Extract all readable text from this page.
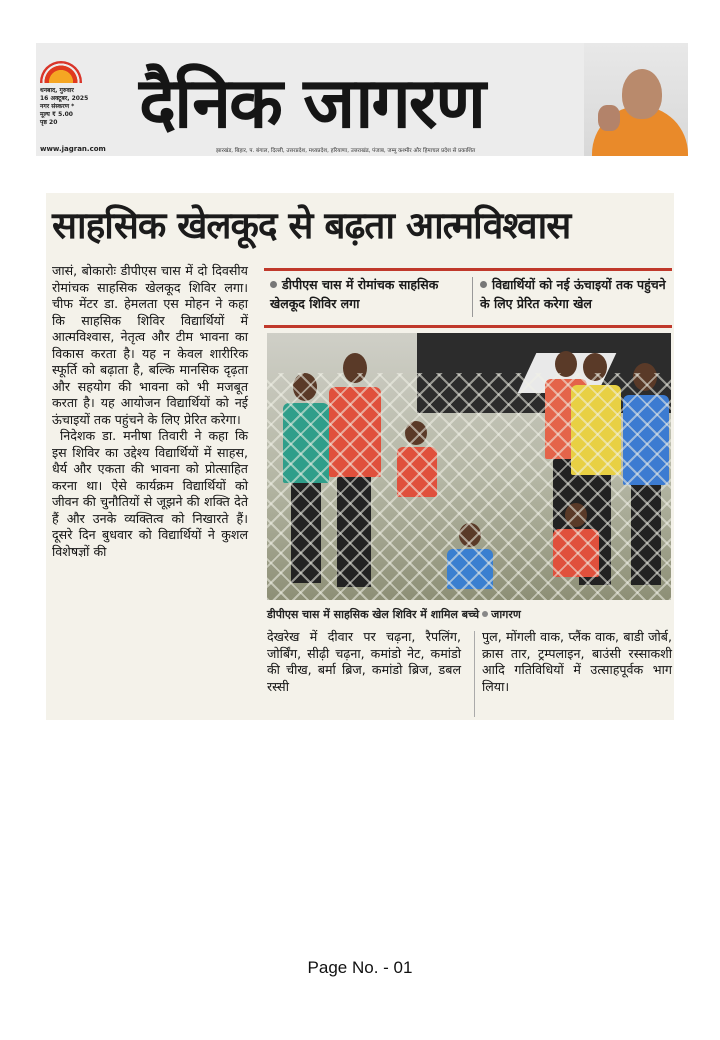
धनबाद, गुरुवार
16 अक्टूबर, 2025
नगर संस्करण *
मूल्य ₹ 5.00
पृष्ठ 20
www.jagran.com
दैनिक जागरण
झारखंड, बिहार, प. बंगाल, दिल्ली, उत्तरप्रदेश, मध्यप्रदेश, हरियाणा, उत्तराखंड, पंजाब, जम्मू कश्मीर और हिमाचल प्रदेश से प्रकाशित
साहसिक खेलकूद से बढ़ता आत्मविश्वास

जासं, बोकारोः डीपीएस चास में दो दिवसीय रोमांचक साहसिक खेलकूद शिविर लगा। चीफ मेंटर डा. हेमलता एस मोहन ने कहा कि साहसिक शिविर विद्यार्थियों में आत्मविश्वास, नेतृत्व और टीम भावना का विकास करता है। यह न केवल शारीरिक स्फूर्ति को बढ़ाता है, बल्कि मानसिक दृढ़ता और सहयोग की भावना को भी मजबूत करता है। यह आयोजन विद्यार्थियों को नई ऊंचाइयों तक पहुंचने के लिए प्रेरित करेगा।

निदेशक डा. मनीषा तिवारी ने कहा कि इस शिविर का उद्देश्य विद्यार्थियों में साहस, धैर्य और एकता की भावना को प्रोत्साहित करना था। ऐसे कार्यक्रम विद्यार्थियों को जीवन की चुनौतियों से जूझने की शक्ति देते हैं और उनके व्यक्तित्व को निखारते हैं। दूसरे दिन बुधवार को विद्यार्थियों ने कुशल विशेषज्ञों की

डीपीएस चास में रोमांचक साहसिक खेलकूद शिविर लगा
विद्यार्थियों को नई ऊंचाइयों तक पहुंचने के लिए प्रेरित करेगा खेल
डीपीएस चास में साहसिक खेल शिविर में शामिल बच्चे जागरण
देखरेख में दीवार पर चढ़ना, रैपलिंग, जोर्बिंग, सीढ़ी चढ़ना, कमांडो नेट, कमांडो की चीख, बर्मा ब्रिज, कमांडो ब्रिज, डबल रस्सी
पुल, मोंगली वाक, प्लैंक वाक, बाडी जोर्ब, क्रास तार, ट्रम्पलाइन, बाउंसी रस्साकशी आदि गतिविधियों में उत्साहपूर्वक भाग लिया।
Page No. - 01
